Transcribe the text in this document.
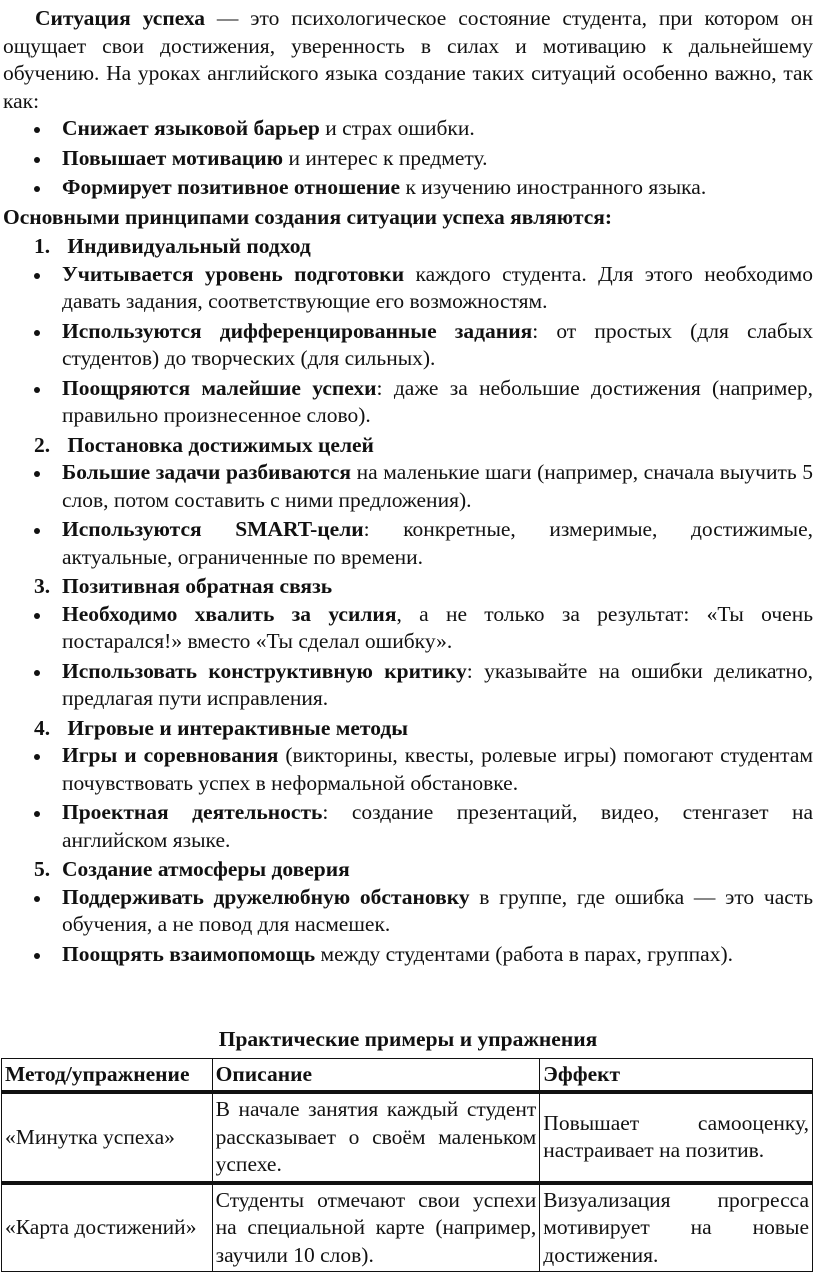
Ситуация успеха — это психологическое состояние студента, при котором он ощущает свои достижения, уверенность в силах и мотивацию к дальнейшему обучению. На уроках английского языка создание таких ситуаций особенно важно, так как:

Снижает языковой барьер и страх ошибки.
Повышает мотивацию и интерес к предмету.
Формирует позитивное отношение к изучению иностранного языка.

Основными принципами создания ситуации успеха являются:

1. Индивидуальный подход
Учитывается уровень подготовки каждого студента. Для этого необходимо давать задания, соответствующие его возможностям.
Используются дифференцированные задания: от простых (для слабых студентов) до творческих (для сильных).
Поощряются малейшие успехи: даже за небольшие достижения (например, правильно произнесенное слово).
2. Постановка достижимых целей
Большие задачи разбиваются на маленькие шаги (например, сначала выучить 5 слов, потом составить с ними предложения).
Используются SMART-цели: конкретные, измеримые, достижимые, актуальные, ограниченные по времени.
3. Позитивная обратная связь
Необходимо хвалить за усилия, а не только за результат: «Ты очень постарался!» вместо «Ты сделал ошибку».
Использовать конструктивную критику: указывайте на ошибки деликатно, предлагая пути исправления.
4. Игровые и интерактивные методы
Игры и соревнования (викторины, квесты, ролевые игры) помогают студентам почувствовать успех в неформальной обстановке.
Проектная деятельность: создание презентаций, видео, стенгазет на английском языке.
5. Создание атмосферы доверия
Поддерживать дружелюбную обстановку в группе, где ошибка — это часть обучения, а не повод для насмешек.
Поощрять взаимопомощь между студентами (работа в парах, группах).

Практические примеры и упражнения

Метод/упражнение	Описание	Эффект
«Минутка успеха»	В начале занятия каждый студент рассказывает о своём маленьком успехе.	Повышает самооценку, настраивает на позитив.
«Карта достижений»	Студенты отмечают свои успехи на специальной карте (например, заучили 10 слов).	Визуализация прогресса мотивирует на новые достижения.
